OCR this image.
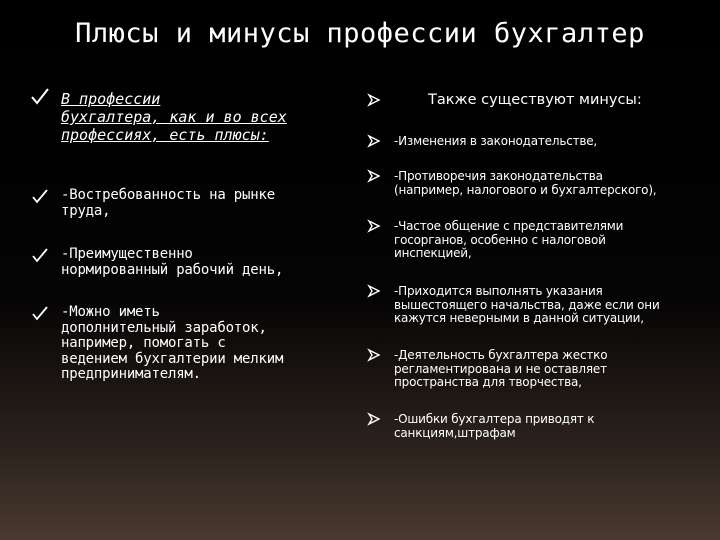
Плюсы и минусы профессии бухгалтер
В профессии
бухгалтера, как и во всех
профессиях, есть плюсы:
-Востребованность на рынке
труда,
-Преимущественно
нормированный рабочий день,
-Можно иметь
дополнительный заработок,
например, помогать с
ведением бухгалтерии мелким
предпринимателям.
Также существуют минусы:
-Изменения в законодательстве,
-Противоречия законодательства
(например, налогового и бухгалтерского),
-Частое общение с представителями
госорганов, особенно с налоговой
инспекцией,
-Приходится выполнять указания
вышестоящего начальства, даже если они
кажутся неверными в данной ситуации,
-Деятельность бухгалтера жестко
регламентирована и не оставляет
пространства для творчества,
-Ошибки бухгалтера приводят к
санкциям,штрафам
